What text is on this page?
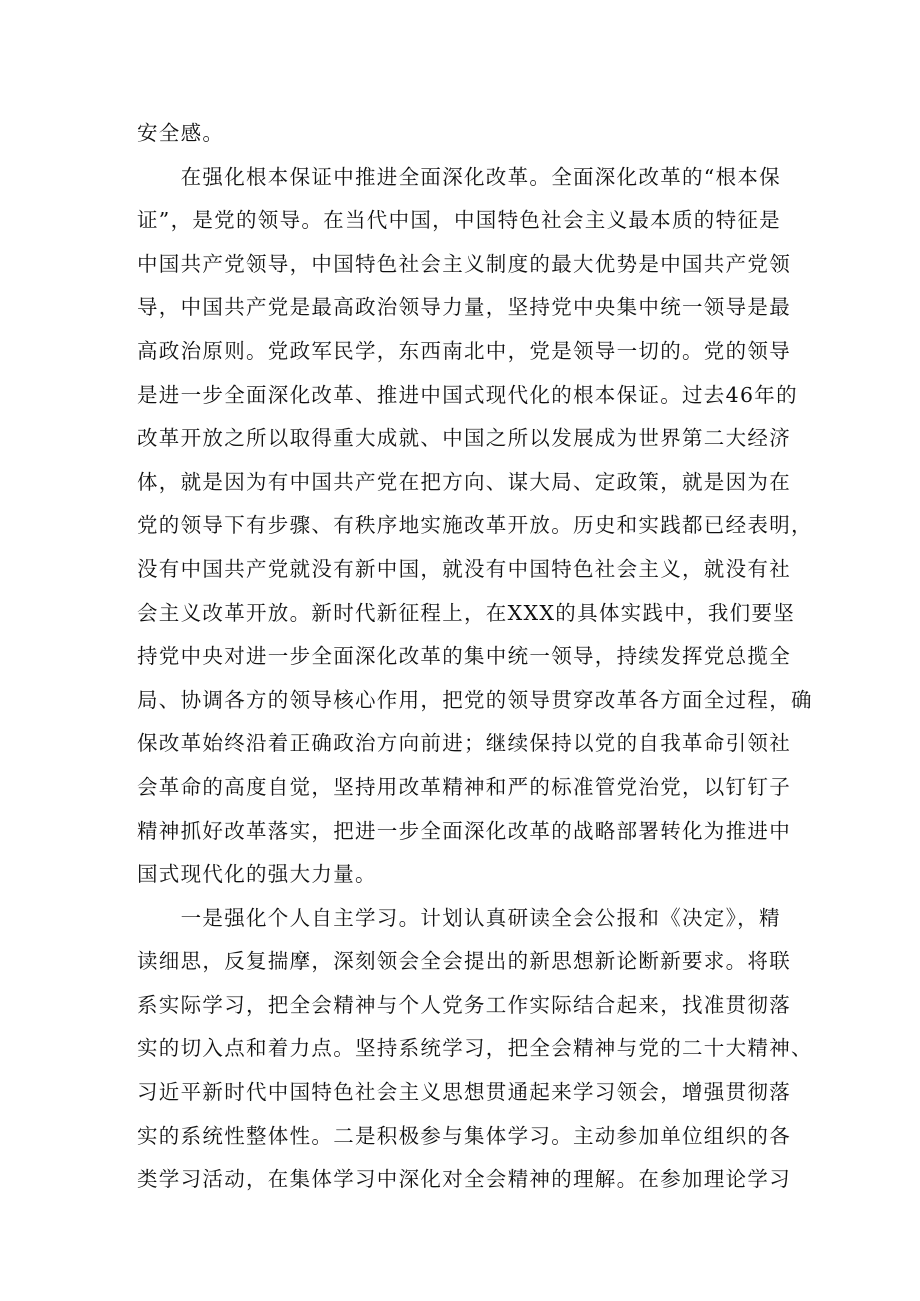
安全感。
　　在强化根本保证中推进全面深化改革。全面深化改革的“根本保
证”，是党的领导。在当代中国，中国特色社会主义最本质的特征是
中国共产党领导，中国特色社会主义制度的最大优势是中国共产党领
导，中国共产党是最高政治领导力量，坚持党中央集中统一领导是最
高政治原则。党政军民学，东西南北中，党是领导一切的。党的领导
是进一步全面深化改革、推进中国式现代化的根本保证。过去46年的
改革开放之所以取得重大成就、中国之所以发展成为世界第二大经济
体，就是因为有中国共产党在把方向、谋大局、定政策，就是因为在
党的领导下有步骤、有秩序地实施改革开放。历史和实践都已经表明，
没有中国共产党就没有新中国，就没有中国特色社会主义，就没有社
会主义改革开放。新时代新征程上，在XXX的具体实践中，我们要坚
持党中央对进一步全面深化改革的集中统一领导，持续发挥党总揽全
局、协调各方的领导核心作用，把党的领导贯穿改革各方面全过程，确
保改革始终沿着正确政治方向前进；继续保持以党的自我革命引领社
会革命的高度自觉，坚持用改革精神和严的标准管党治党，以钉钉子
精神抓好改革落实，把进一步全面深化改革的战略部署转化为推进中
国式现代化的强大力量。
　　一是强化个人自主学习。计划认真研读全会公报和《决定》，精
读细思，反复揣摩，深刻领会全会提出的新思想新论断新要求。将联
系实际学习，把全会精神与个人党务工作实际结合起来，找准贯彻落
实的切入点和着力点。坚持系统学习，把全会精神与党的二十大精神、
习近平新时代中国特色社会主义思想贯通起来学习领会，增强贯彻落
实的系统性整体性。二是积极参与集体学习。主动参加单位组织的各
类学习活动，在集体学习中深化对全会精神的理解。在参加理论学习
